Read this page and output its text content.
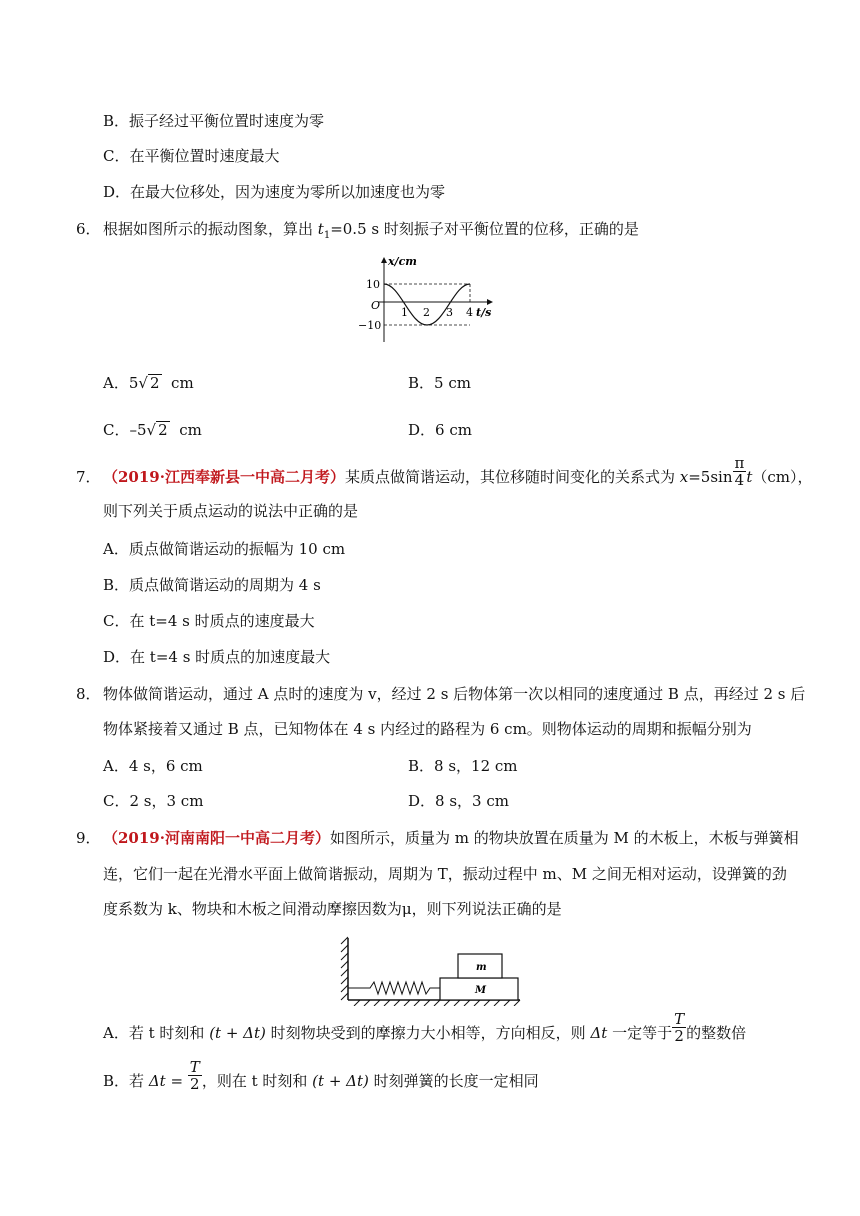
B．振子经过平衡位置时速度为零
C．在平衡位置时速度最大
D．在最大位移处，因为速度为零所以加速度也为零
6． 根据如图所示的振动图象，算出 $t_1=0.5$ s 时刻振子对平衡位置的位移，正确的是
x/cm
10
O
−10
1 2 3 4 t/s
A．5√ 2 cm	B．5 cm
C．–5√ 2 cm	D．6 cm
7． （2019·江西奉新县一中高二月考）某质点做简谐运动，其位移随时间变化的关系式为 $x=5\sin \frac{\pi}{4} t(cm)$，
则下列关于质点运动的说法中正确的是
A．质点做简谐运动的振幅为 10 cm
B．质点做简谐运动的周期为 4 s
C．在 t=4 s 时质点的速度最大
D．在 t=4 s 时质点的加速度最大
8． 物体做简谐运动，通过 A 点时的速度为 v，经过 2 s 后物体第一次以相同的速度通过 B 点，再经过 2 s 后
物体紧接着又通过 B 点，已知物体在 4 s 内经过的路程为 6 cm。则物体运动的周期和振幅分别为
A．4 s，6 cm	B．8 s，12 cm
C．2 s，3 cm	D．8 s，3 cm
9． （2019·河南南阳一中高二月考）如图所示，质量为 m 的物块放置在质量为 M 的木板上，木板与弹簧相
连，它们一起在光滑水平面上做简谐振动，周期为 T，振动过程中 m、M 之间无相对运动，设弹簧的劲
度系数为 k、物块和木板之间滑动摩擦因数为μ，则下列说法正确的是
M
m
A．若 t 时刻和 (t + Δt) 时刻物块受到的摩擦力大小相等，方向相反，则 Δt 一定等于 $\frac{T}{2}$ 的整数倍
B．若 $\Delta t = \frac{T}{2}$ ，则在 t 时刻和 (t + Δt) 时刻弹簧的长度一定相同
